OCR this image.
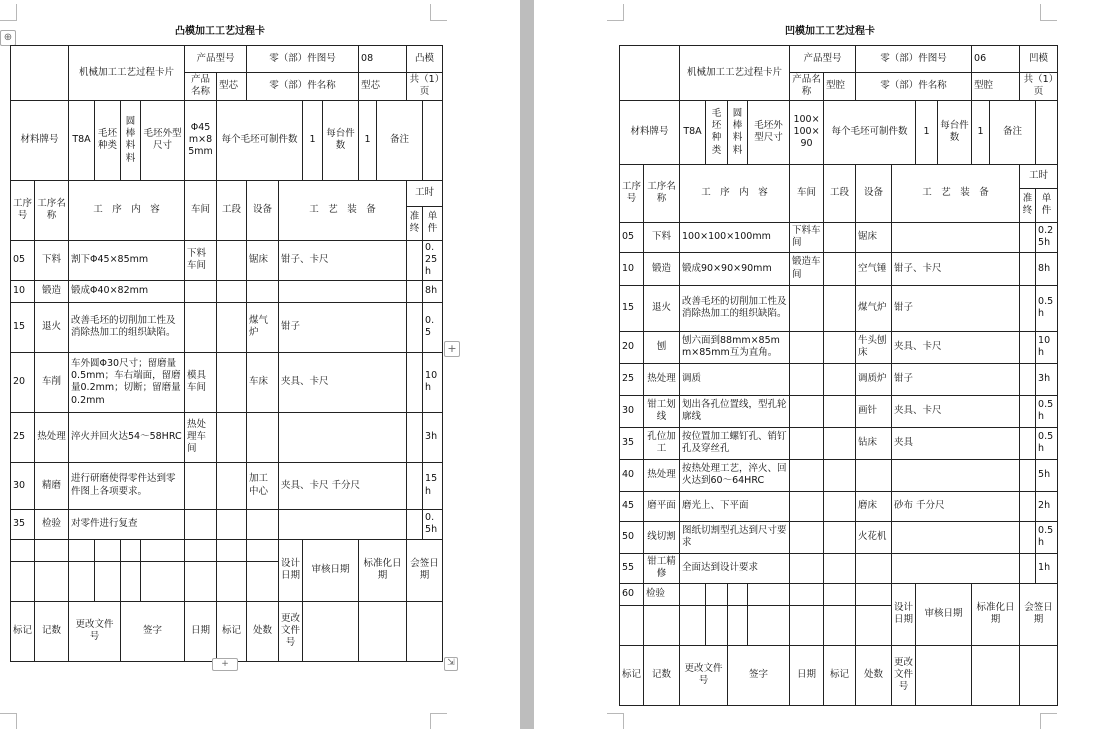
凸模加工工艺过程卡
⊕
		机械加工工艺过程卡片				产品型号		零（部）件图号				08		凸模	
						产品名称	型芯	零（部）件名称				型芯		共（1）页	
材料牌号		T8A	毛坯种类	圆棒料料	毛坯外型尺寸	Φ45m×85mm	每个毛坯可制件数			1	每台件数	1	备注		
工序号	工序名称	工　序　内　容				车间	工段	设备	工　艺　装　备					工时	
														准终	单件
05	下料	割下Φ45×85mm				下料车间		锯床	钳子、卡尺						0.25h
10	锻造	锻成Φ40×82mm													8h
15	退火	改善毛坯的切削加工性及消除热加工的组织缺陷。						煤气炉	钳子						0.5
20	车削	车外圆Φ30尺寸；留磨量0.5mm；车右端面，留磨量0.2mm；切断；留磨量0.2mm				模具车间		车床	夹具、卡尺						10h
25	热处理	淬火并回火达54～58HRC				热处理车间									3h
30	精磨	进行研磨使得零件达到零件图上各项要求。						加工中心	夹具、卡尺 千分尺						15h
35	检验	对零件进行复查													0.5h
									设计日期	审核日期		标准化日期		会签日期	

标记	记数	更改文件号		签字		日期	标记	处数	更改文件号						
+
+	⇲
凹模加工工艺过程卡
		机械加工工艺过程卡片				产品型号		零（部）件图号				06		凹模	
						产品名称	型腔	零（部）件名称				型腔		共（1）页	
材料牌号		T8A	毛坯种类	圆棒料料	毛坯外型尺寸	100×100×90	每个毛坯可制件数			1	每台件数	1	备注		
工序号	工序名称	工　序　内　容				车间	工段	设备	工　艺　装　备					工时	
														准终	单件
05	下料	100×100×100mm				下料车间		锯床							0.25h
10	锻造	锻成90×90×90mm				锻造车间		空气锤	钳子、卡尺						8h
15	退火	改善毛坯的切削加工性及消除热加工的组织缺陷。						煤气炉	钳子						0.5h
20	刨	刨六面到88mm×85mm×85mm互为直角。						牛头刨床	夹具、卡尺						10h
25	热处理	调质						调质炉	钳子						3h
30	钳工划线	划出各孔位置线，型孔轮廓线						画针	夹具、卡尺						0.5h
35	孔位加工	按位置加工螺钉孔、销钉孔及穿丝孔						钻床	夹具						0.5h
40	热处理	按热处理工艺，淬火、回火达到60～64HRC													5h
45	磨平面	磨光上、下平面						磨床	砂布 千分尺						2h
50	线切割	图纸切割型孔达到尺寸要求						火花机							0.5h
55	钳工精修	全面达到设计要求													1h
60	检验								设计日期	审核日期		标准化日期		会签日期	

标记	记数	更改文件号		签字		日期	标记	处数	更改文件号						
